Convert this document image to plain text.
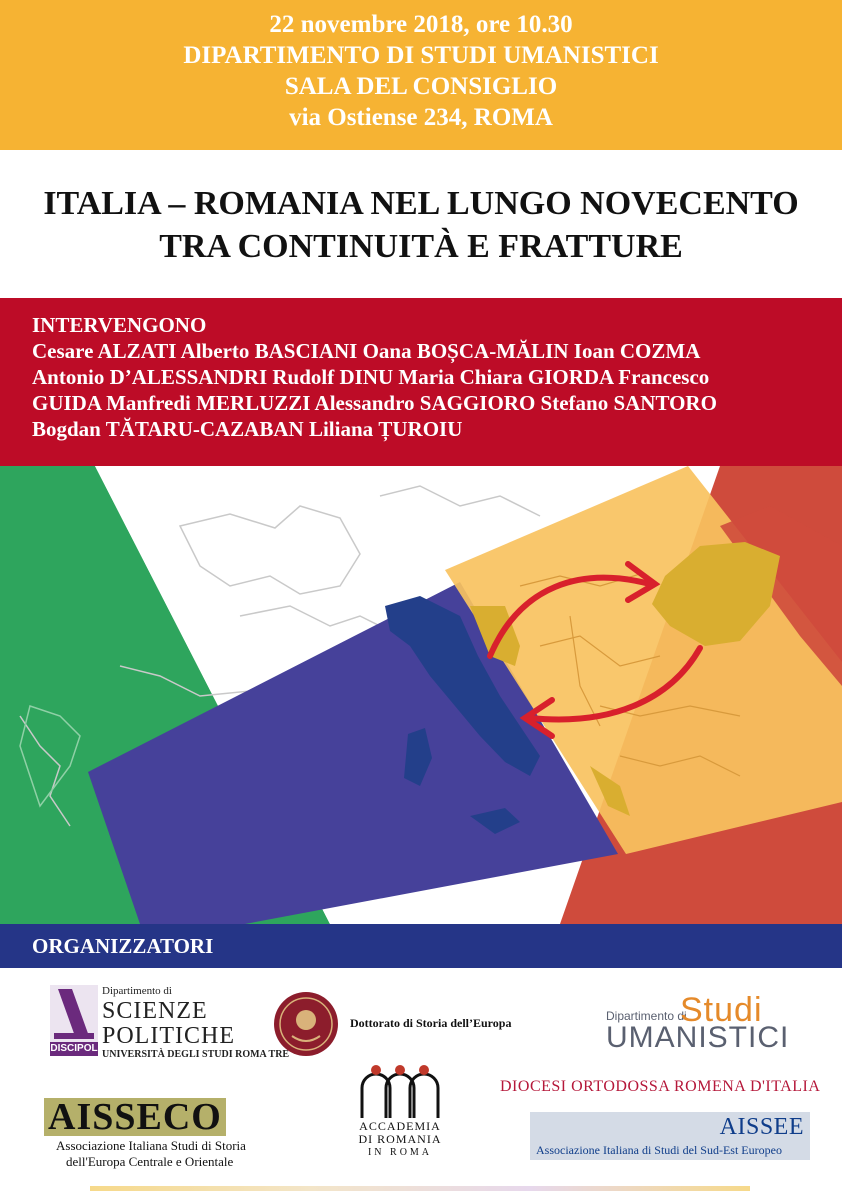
22 novembre 2018, ore 10.30
DIPARTIMENTO DI STUDI UMANISTICI
SALA DEL CONSIGLIO
via Ostiense 234, ROMA
ITALIA – ROMANIA NEL LUNGO NOVECENTO
TRA CONTINUITÀ E FRATTURE
INTERVENGONO
Cesare ALZATI Alberto BASCIANI Oana BOȘCA-MĂLIN Ioan COZMA
Antonio D’ALESSANDRI Rudolf DINU Maria Chiara GIORDA Francesco
GUIDA Manfredi MERLUZZI Alessandro SAGGIORO Stefano SANTORO
Bogdan TĂTARU-CAZABAN Liliana ȚUROIU
ORGANIZZATORI
DISCIPOL
Dipartimento di
SCIENZE
POLITICHE
UNIVERSITÀ DEGLI STUDI ROMA TRE
Dottorato di Storia dell’Europa	Dipartimento di
Studi
UMANISTICI
AISSECO
Associazione Italiana Studi di Storia
dell'Europa Centrale e Orientale
ACCADEMIA
DI ROMANIA
IN ROMA
DIOCESI ORTODOSSA ROMENA D'ITALIA
AISSEE
Associazione Italiana di Studi del Sud-Est Europeo
